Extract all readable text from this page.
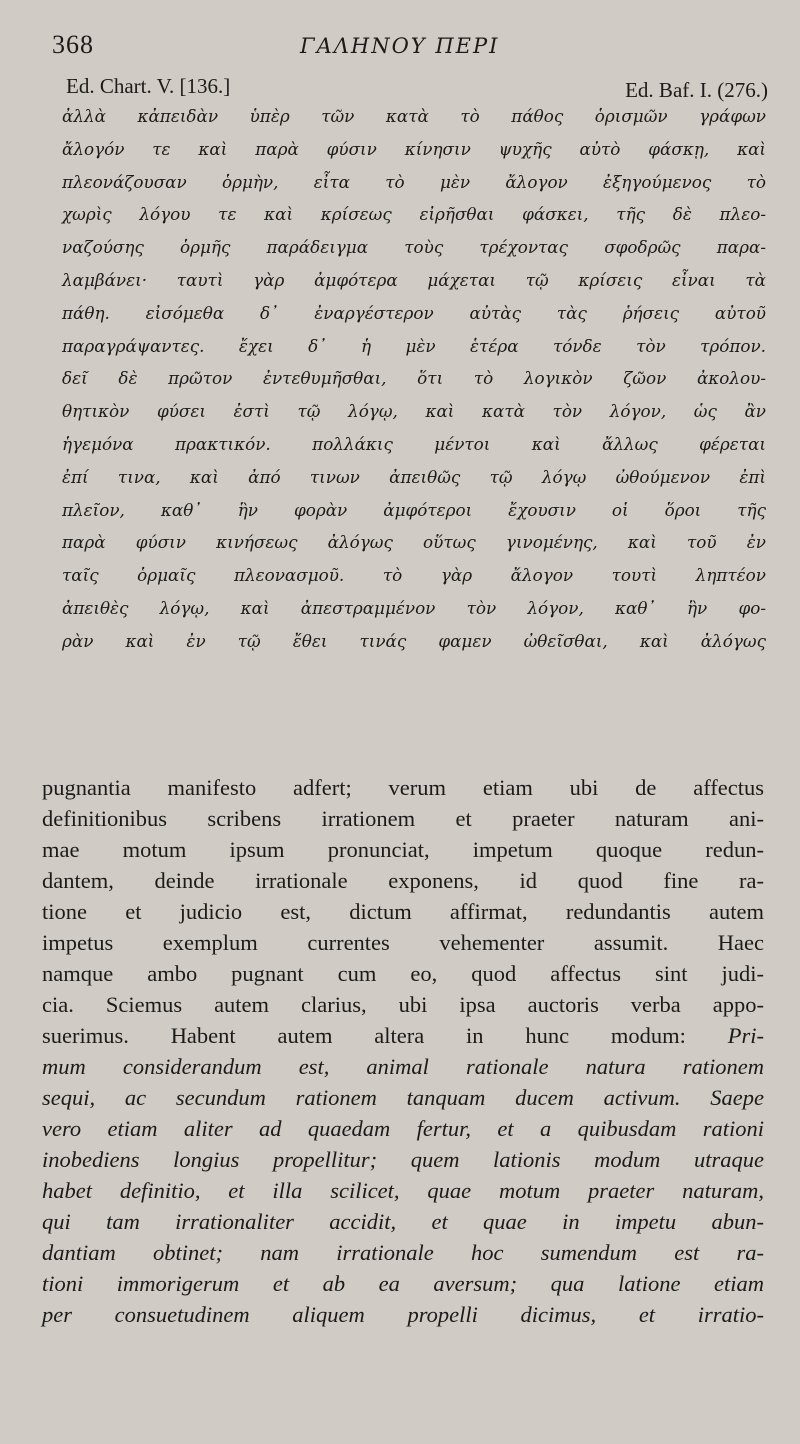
368	ΓΑΛΗΝΟΥ ΠΕΡΙ
Ed. Chart. V. [136.]	Ed. Baf. I. (276.)
ἀλλὰ κἀπειδὰν ὑπὲρ τῶν κατὰ τὸ πάθος ὁρισμῶν γράφων
ἄλογόν τε καὶ παρὰ φύσιν κίνησιν ψυχῆς αὐτὸ φάσκῃ, καὶ
πλεονάζουσαν ὁρμὴν, εἶτα τὸ μὲν ἄλογον ἐξηγούμενος τὸ
χωρὶς λόγου τε καὶ κρίσεως εἰρῆσθαι φάσκει, τῆς δὲ πλεο-
ναζούσης ὁρμῆς παράδειγμα τοὺς τρέχοντας σφοδρῶς παρα-
λαμβάνει· ταυτὶ γὰρ ἀμφότερα μάχεται τῷ κρίσεις εἶναι τὰ
πάθη. εἰσόμεθα δ᾽ ἐναργέστερον αὐτὰς τὰς ῥήσεις αὐτοῦ
παραγράψαντες. ἔχει δ᾽ ἡ μὲν ἑτέρα τόνδε τὸν τρόπον.
δεῖ δὲ πρῶτον ἐντεθυμῆσθαι, ὅτι τὸ λογικὸν ζῶον ἀκολου-
θητικὸν φύσει ἐστὶ τῷ λόγῳ, καὶ κατὰ τὸν λόγον, ὡς ἂν
ἡγεμόνα πρακτικόν. πολλάκις μέντοι καὶ ἄλλως φέρεται
ἐπί τινα, καὶ ἀπό τινων ἀπειθῶς τῷ λόγῳ ὠθούμενον ἐπὶ
πλεῖον, καθ᾽ ἣν φορὰν ἀμφότεροι ἔχουσιν οἱ ὅροι τῆς
παρὰ φύσιν κινήσεως ἀλόγως οὕτως γινομένης, καὶ τοῦ ἐν
ταῖς ὁρμαῖς πλεονασμοῦ. τὸ γὰρ ἄλογον τουτὶ ληπτέον
ἀπειθὲς λόγῳ, καὶ ἀπεστραμμένον τὸν λόγον, καθ᾽ ἣν φο-
ρὰν καὶ ἐν τῷ ἔθει τινάς φαμεν ὠθεῖσθαι, καὶ ἀλόγως
pugnantia manifesto adfert; verum etiam ubi de affectus
definitionibus scribens irrationem et praeter naturam ani-
mae motum ipsum pronunciat, impetum quoque redun-
dantem, deinde irrationale exponens, id quod fine ra-
tione et judicio est, dictum affirmat, redundantis autem
impetus exemplum currentes vehementer assumit. Haec
namque ambo pugnant cum eo, quod affectus sint judi-
cia. Sciemus autem clarius, ubi ipsa auctoris verba appo-
suerimus. Habent autem altera in hunc modum: Pri-
mum considerandum est, animal rationale natura rationem
sequi, ac secundum rationem tanquam ducem activum. Saepe
vero etiam aliter ad quaedam fertur, et a quibusdam rationi
inobediens longius propellitur; quem lationis modum utraque
habet definitio, et illa scilicet, quae motum praeter naturam,
qui tam irrationaliter accidit, et quae in impetu abun-
dantiam obtinet; nam irrationale hoc sumendum est ra-
tioni immorigerum et ab ea aversum; qua latione etiam
per consuetudinem aliquem propelli dicimus, et irratio-
